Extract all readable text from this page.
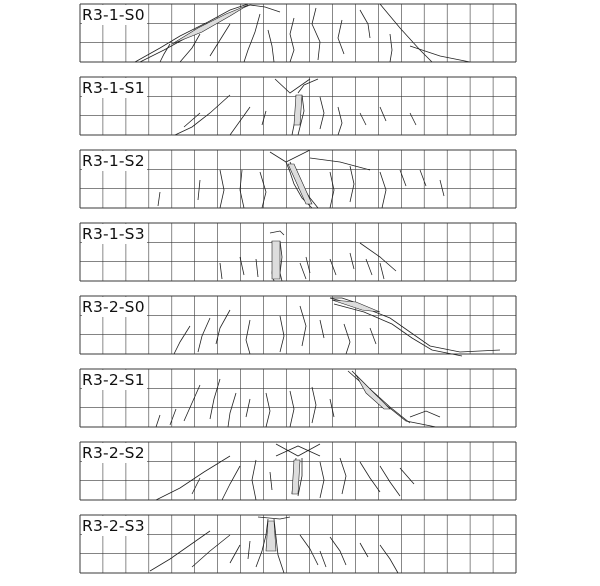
R3-1-S0
R3-1-S1
R3-1-S2
R3-1-S3
R3-2-S0
R3-2-S1
R3-2-S2
R3-2-S3
